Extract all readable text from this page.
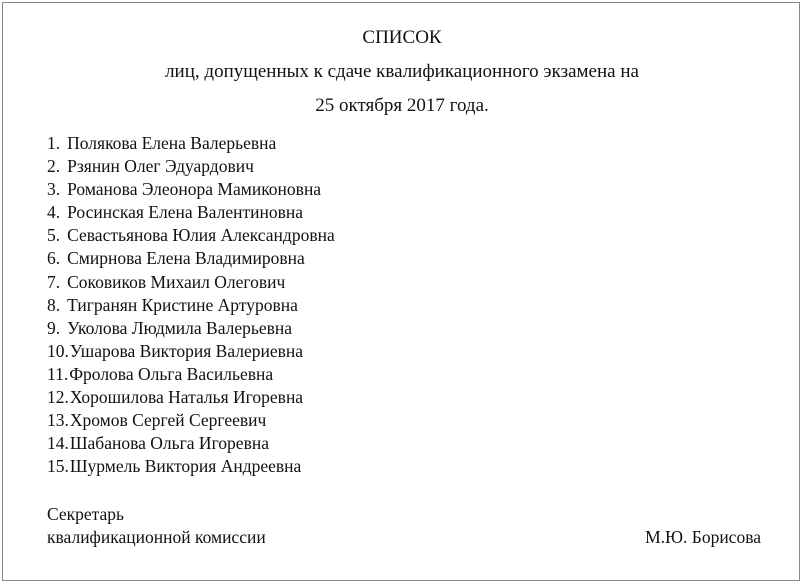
СПИСОК
лиц, допущенных к сдаче квалификационного экзамена на
25 октября 2017 года.
1. Полякова Елена Валерьевна
2. Рзянин Олег Эдуардович
3. Романова Элеонора Мамиконовна
4. Росинская Елена Валентиновна
5. Севастьянова Юлия Александровна
6. Смирнова Елена Владимировна
7. Соковиков Михаил Олегович
8. Тигранян Кристине Артуровна
9. Уколова Людмила Валерьевна
10. Ушарова Виктория Валериевна
11. Фролова Ольга Васильевна
12. Хорошилова Наталья Игоревна
13. Хромов Сергей Сергеевич
14. Шабанова Ольга Игоревна
15. Шурмель Виктория Андреевна
Секретарь
квалификационной комиссии	М.Ю. Борисова
